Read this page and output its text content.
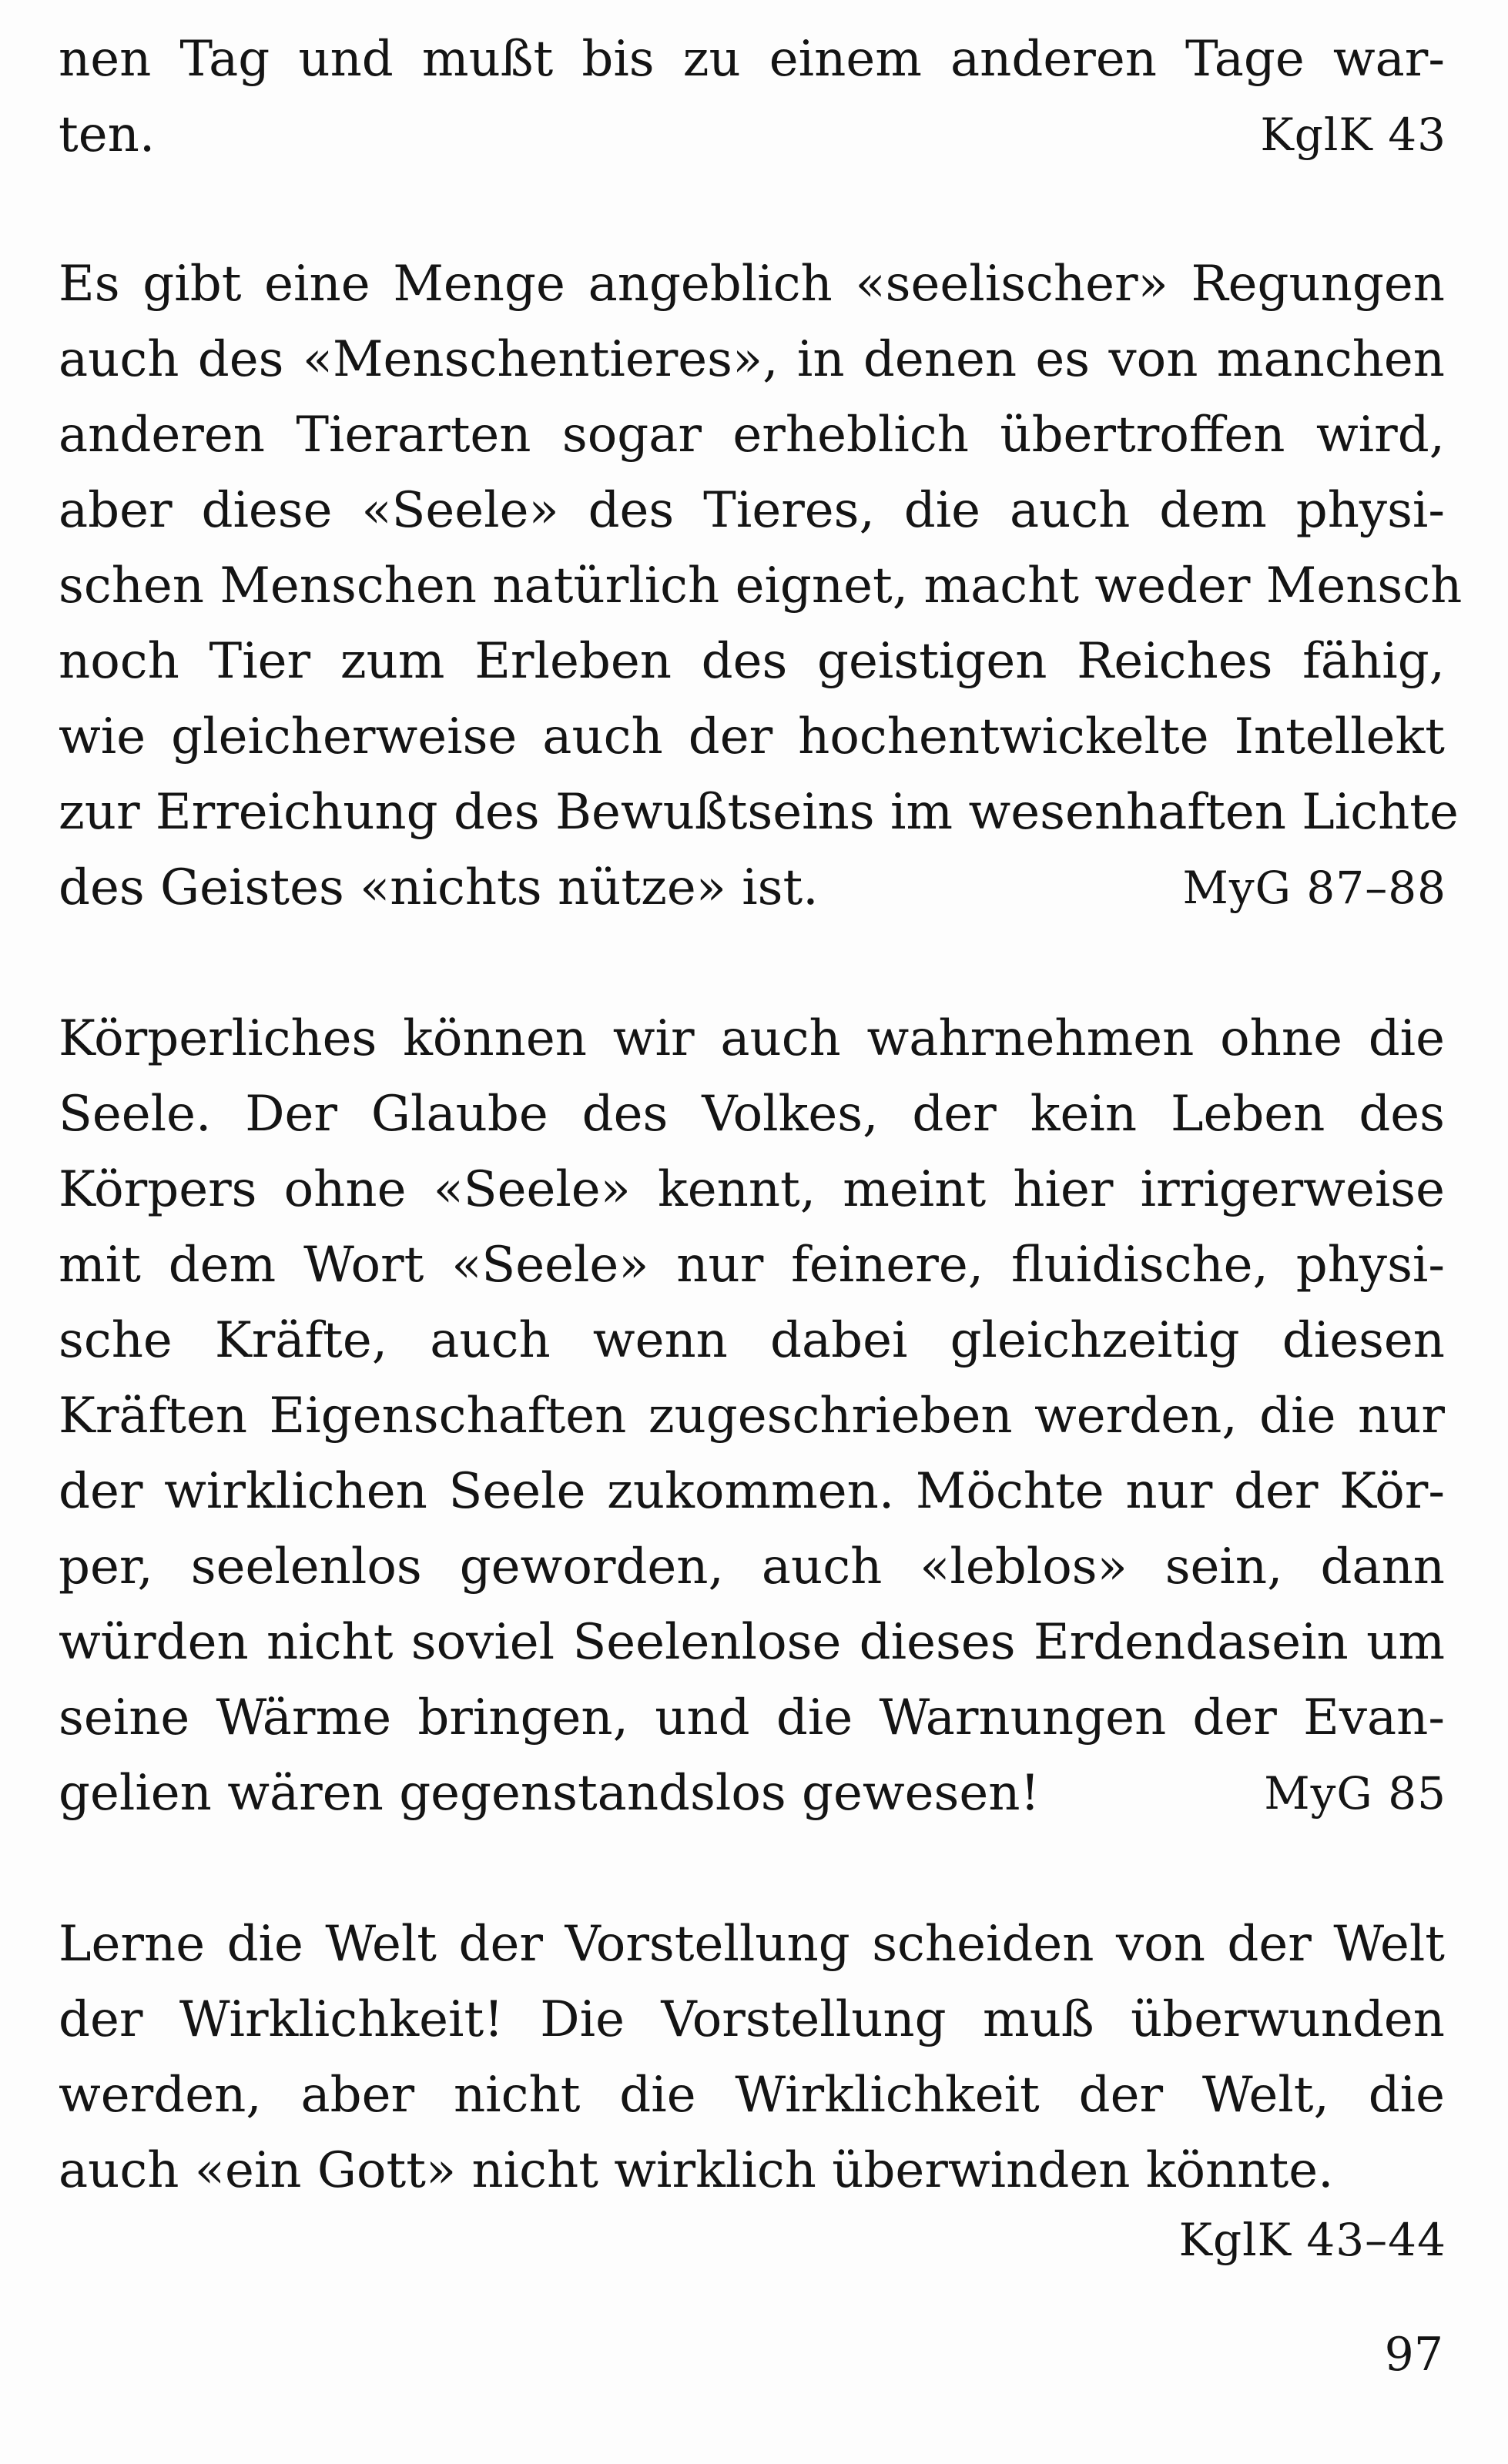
nen Tag und mußt bis zu einem anderen Tage war-
ten.	KglK 43
Es gibt eine Menge angeblich «seelischer» Regungen
auch des «Menschentieres», in denen es von manchen
anderen Tierarten sogar erheblich übertroffen wird,
aber diese «Seele» des Tieres, die auch dem physi-
schen Menschen natürlich eignet, macht weder Mensch
noch Tier zum Erleben des geistigen Reiches fähig,
wie gleicherweise auch der hochentwickelte Intellekt
zur Erreichung des Bewußtseins im wesenhaften Lichte
des Geistes «nichts nütze» ist.	MyG 87–88
Körperliches können wir auch wahrnehmen ohne die
Seele. Der Glaube des Volkes, der kein Leben des
Körpers ohne «Seele» kennt, meint hier irrigerweise
mit dem Wort «Seele» nur feinere, fluidische, physi-
sche Kräfte, auch wenn dabei gleichzeitig diesen
Kräften Eigenschaften zugeschrieben werden, die nur
der wirklichen Seele zukommen. Möchte nur der Kör-
per, seelenlos geworden, auch «leblos» sein, dann
würden nicht soviel Seelenlose dieses Erdendasein um
seine Wärme bringen, und die Warnungen der Evan-
gelien wären gegenstandslos gewesen!	MyG 85
Lerne die Welt der Vorstellung scheiden von der Welt
der Wirklichkeit! Die Vorstellung muß überwunden
werden, aber nicht die Wirklichkeit der Welt, die
auch «ein Gott» nicht wirklich überwinden könnte.
KglK 43–44
97
